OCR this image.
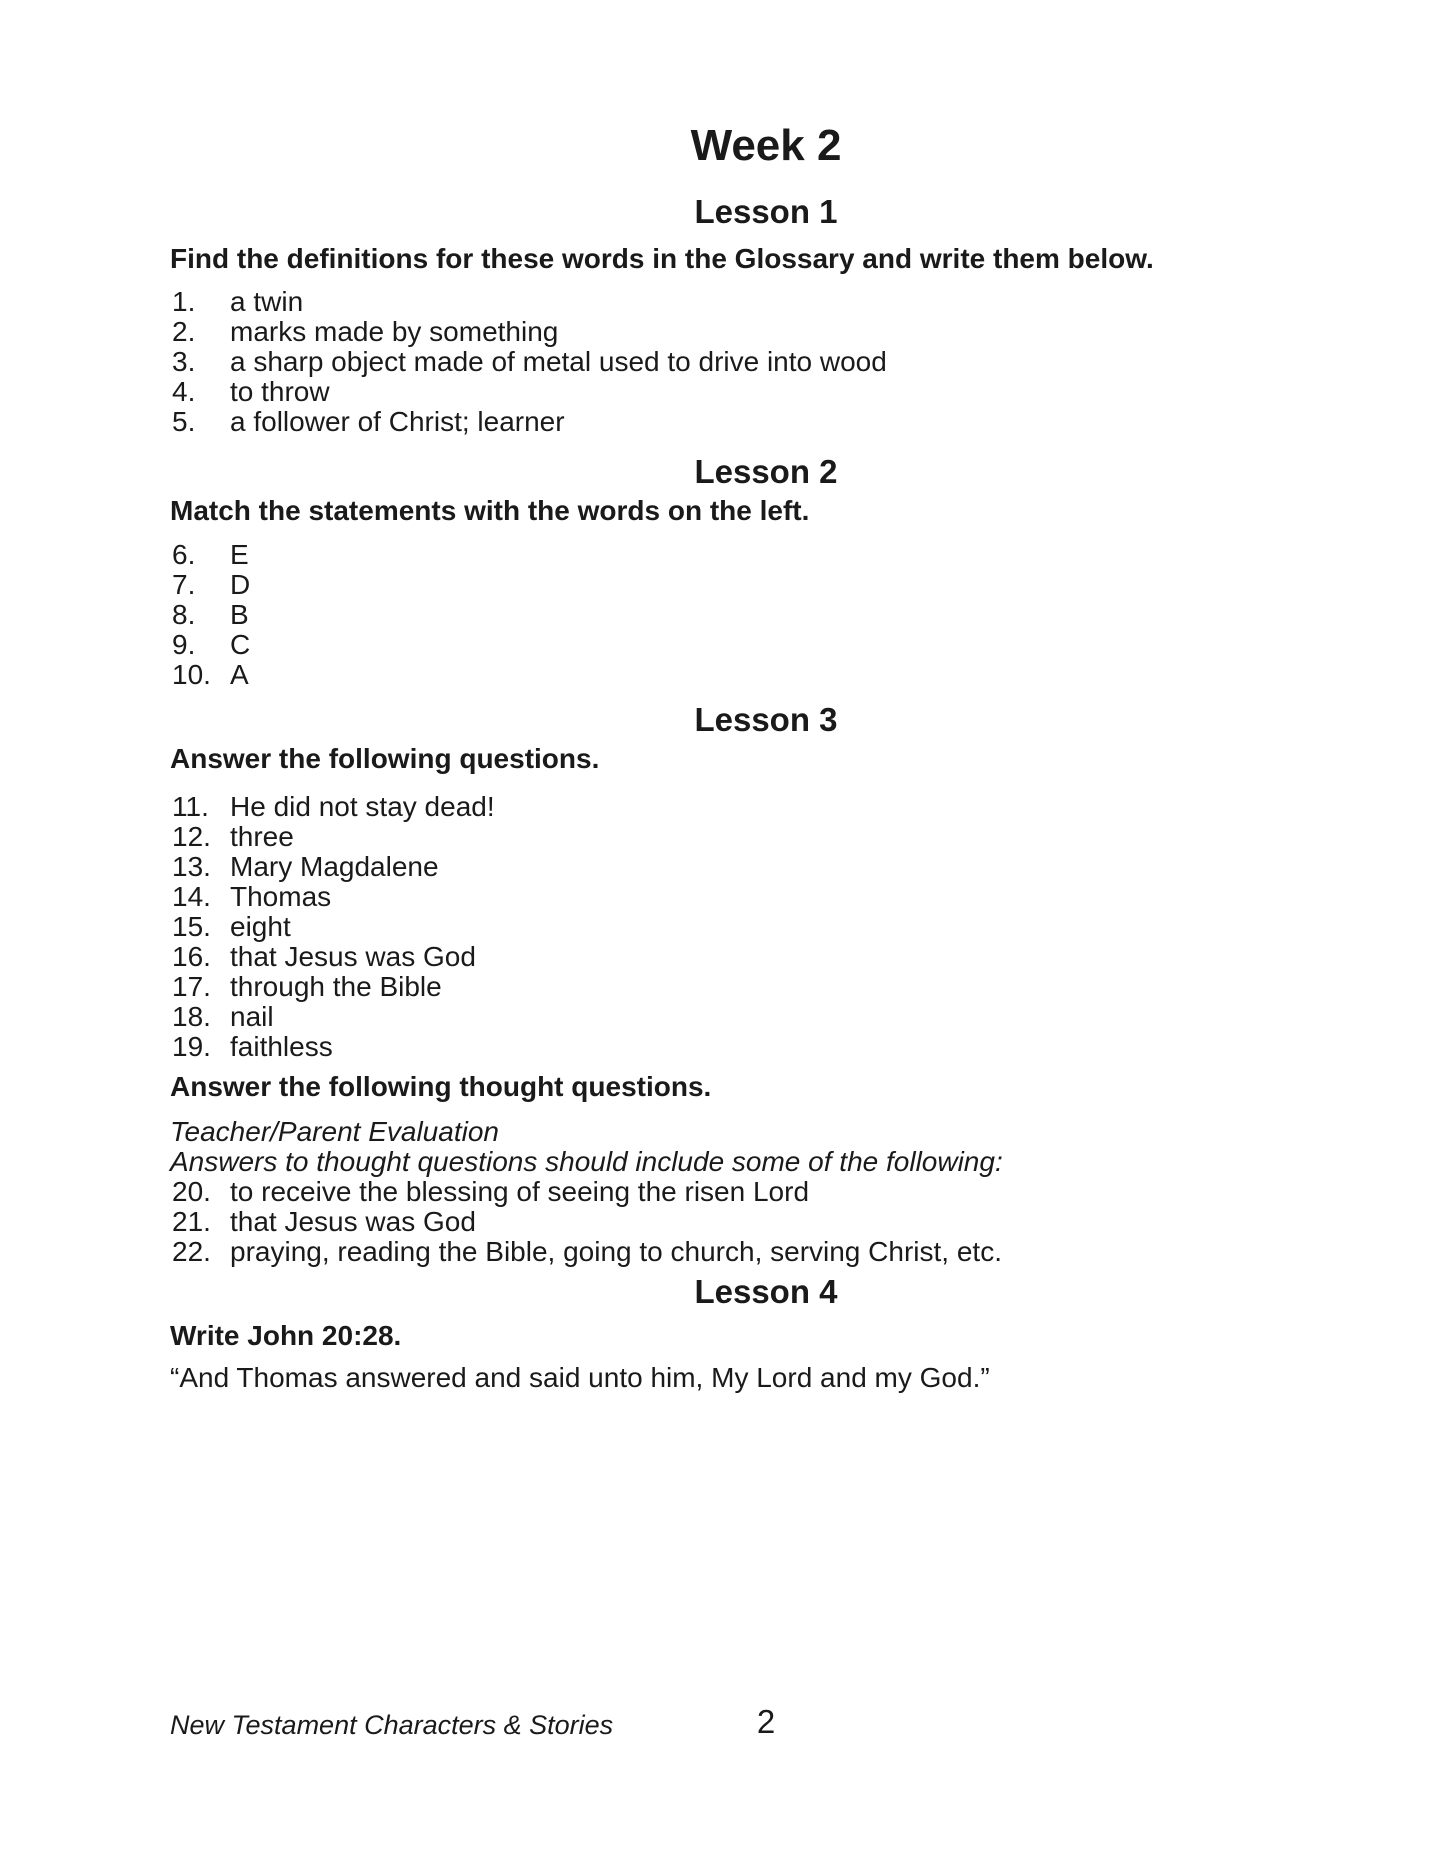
Week 2
Lesson 1

Find the definitions for these words in the Glossary and write them below.

1.	a twin
2.	marks made by something
3.	a sharp object made of metal used to drive into wood
4.	to throw
5.	a follower of Christ; learner
Lesson 2

Match the statements with the words on the left.

6.	E
7.	D
8.	B
9.	C
10. A
Lesson 3

Answer the following questions.

11. He did not stay dead!
12. three
13. Mary Magdalene
14. Thomas
15. eight
16. that Jesus was God
17. through the Bible
18. nail
19. faithless

Answer the following thought questions.

Teacher/Parent Evaluation
Answers to thought questions should include some of the following:
20. to receive the blessing of seeing the risen Lord
21. that Jesus was God
22. praying, reading the Bible, going to church, serving Christ, etc.
Lesson 4

Write John 20:28.

“And Thomas answered and said unto him, My Lord and my God.”

New Testament Characters & Stories	2
